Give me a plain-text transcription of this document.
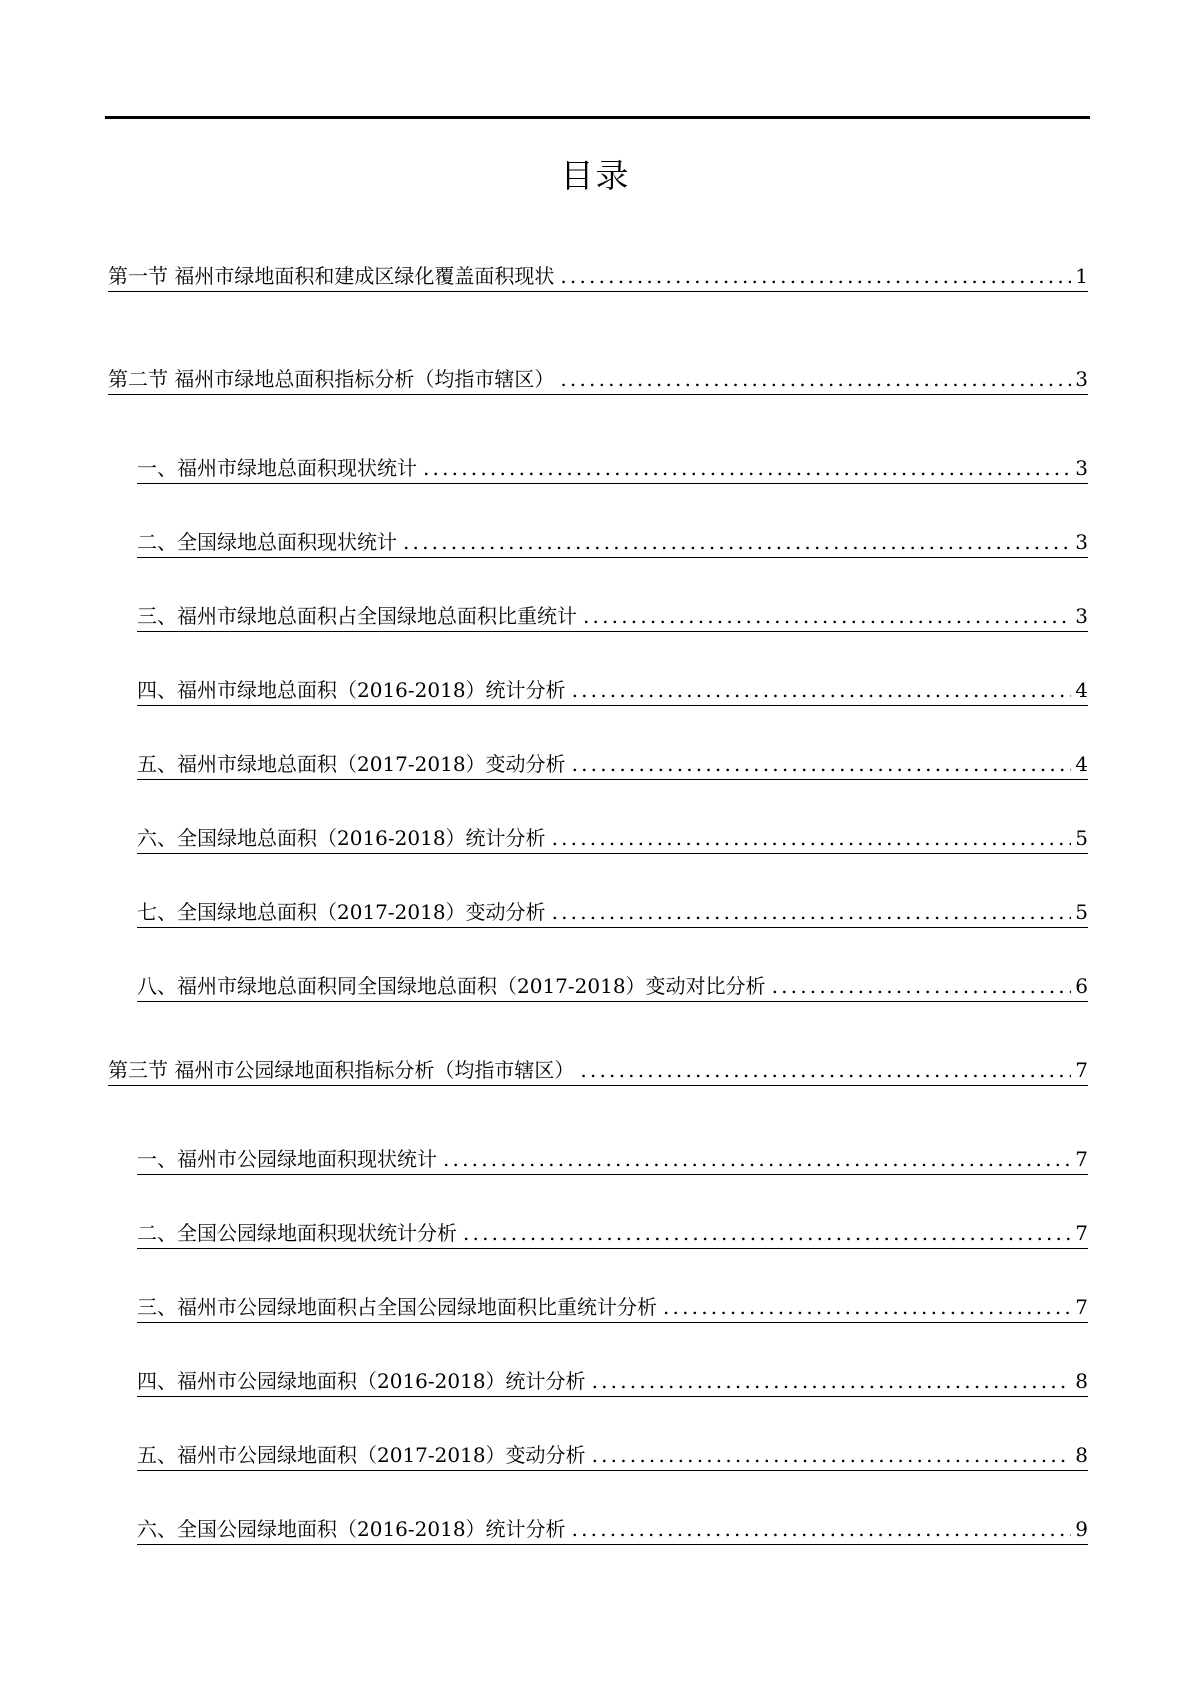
目录
第一节 福州市绿地面积和建成区绿化覆盖面积现状 .....	1
第二节 福州市绿地总面积指标分析（均指市辖区） .....	3
一、福州市绿地总面积现状统计 .....	3
二、全国绿地总面积现状统计 .....	3
三、福州市绿地总面积占全国绿地总面积比重统计 .....	3
四、福州市绿地总面积（2016-2018）统计分析 .....	4
五、福州市绿地总面积（2017-2018）变动分析 .....	4
六、全国绿地总面积（2016-2018）统计分析 .....	5
七、全国绿地总面积（2017-2018）变动分析 .....	5
八、福州市绿地总面积同全国绿地总面积（2017-2018）变动对比分析 .....	6
第三节 福州市公园绿地面积指标分析（均指市辖区） .....	7
一、福州市公园绿地面积现状统计 .....	7
二、全国公园绿地面积现状统计分析 .....	7
三、福州市公园绿地面积占全国公园绿地面积比重统计分析 .....	7
四、福州市公园绿地面积（2016-2018）统计分析 .....	8
五、福州市公园绿地面积（2017-2018）变动分析 .....	8
六、全国公园绿地面积（2016-2018）统计分析 .....	9
